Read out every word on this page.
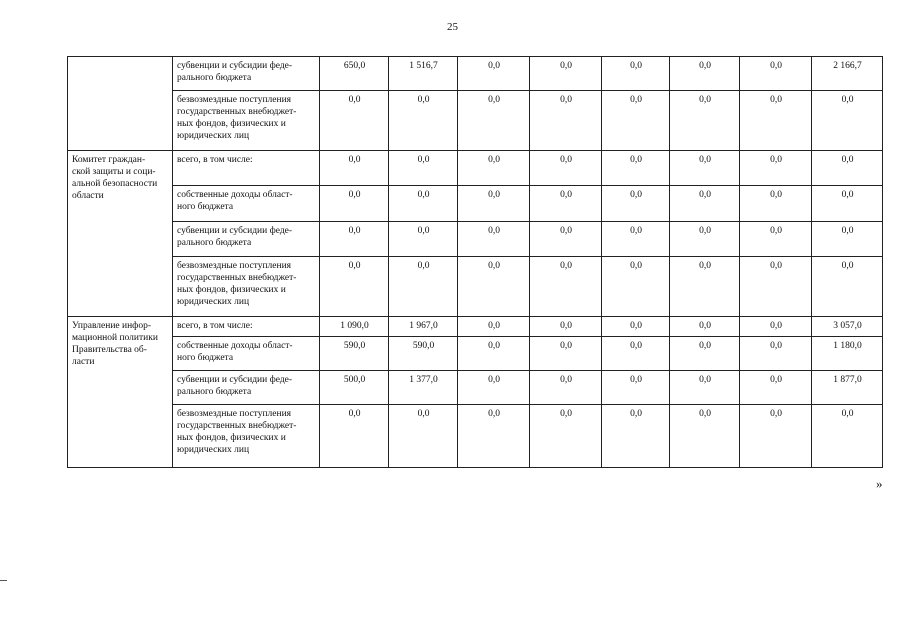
25
	субвенции и субсидии феде-
рального бюджета	650,0	1 516,7	0,0	0,0	0,0	0,0	0,0	2 166,7
	безвозмездные поступления
государственных внебюджет-
ных фондов, физических и
юридических лиц	0,0	0,0	0,0	0,0	0,0	0,0	0,0	0,0
Комитет граждан-
ской защиты и соци-
альной безопасности
области	всего, в том числе:	0,0	0,0	0,0	0,0	0,0	0,0	0,0	0,0
	собственные доходы област-
ного бюджета	0,0	0,0	0,0	0,0	0,0	0,0	0,0	0,0
	субвенции и субсидии феде-
рального бюджета	0,0	0,0	0,0	0,0	0,0	0,0	0,0	0,0
	безвозмездные поступления
государственных внебюджет-
ных фондов, физических и
юридических лиц	0,0	0,0	0,0	0,0	0,0	0,0	0,0	0,0
Управление инфор-
мационной политики
Правительства об-
ласти	всего, в том числе:	1 090,0	1 967,0	0,0	0,0	0,0	0,0	0,0	3 057,0
	собственные доходы област-
ного бюджета	590,0	590,0	0,0	0,0	0,0	0,0	0,0	1 180,0
	субвенции и субсидии феде-
рального бюджета	500,0	1 377,0	0,0	0,0	0,0	0,0	0,0	1 877,0
	безвозмездные поступления
государственных внебюджет-
ных фондов, физических и
юридических лиц	0,0	0,0	0,0	0,0	0,0	0,0	0,0	0,0
»
